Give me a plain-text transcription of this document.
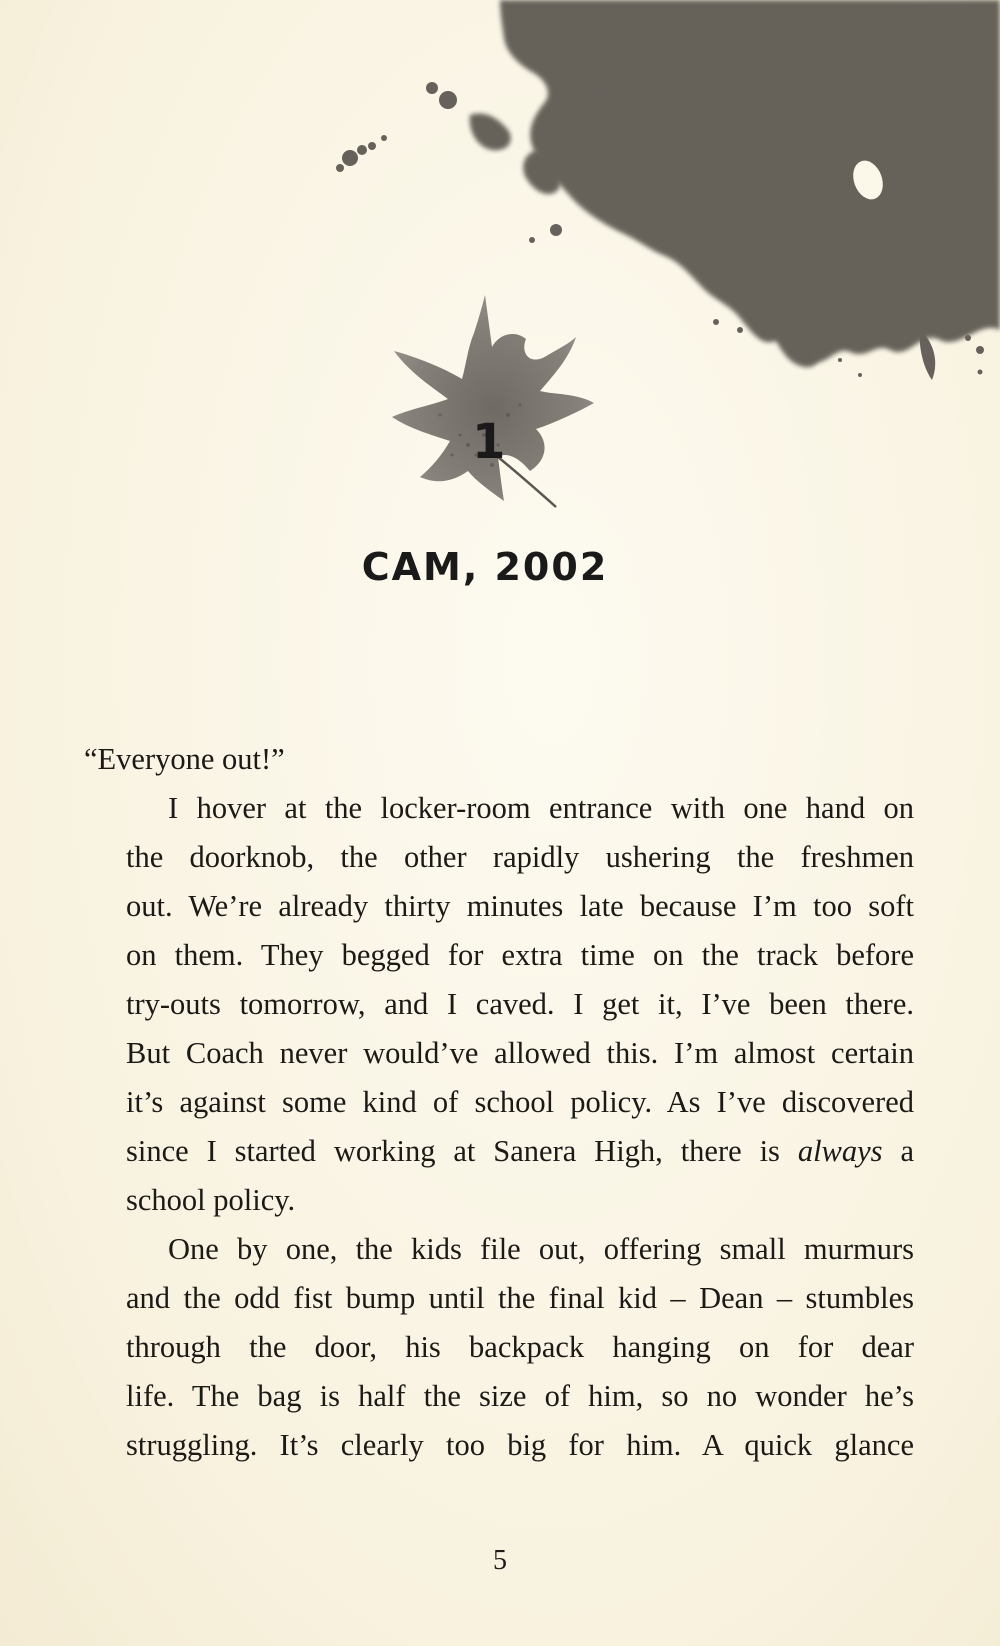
1
CAM, 2002

“Everyone out!”

I hover at the locker-room entrance with one hand on
the doorknob, the other rapidly ushering the freshmen
out. We’re already thirty minutes late because I’m too soft
on them. They begged for extra time on the track before
try-outs tomorrow, and I caved. I get it, I’ve been there.
But Coach never would’ve allowed this. I’m almost certain
it’s against some kind of school policy. As I’ve discovered
since I started working at Sanera High, there is always a
school policy.

One by one, the kids file out, offering small murmurs
and the odd fist bump until the final kid – Dean – stumbles
through the door, his backpack hanging on for dear
life. The bag is half the size of him, so no wonder he’s
struggling. It’s clearly too big for him. A quick glance

5
